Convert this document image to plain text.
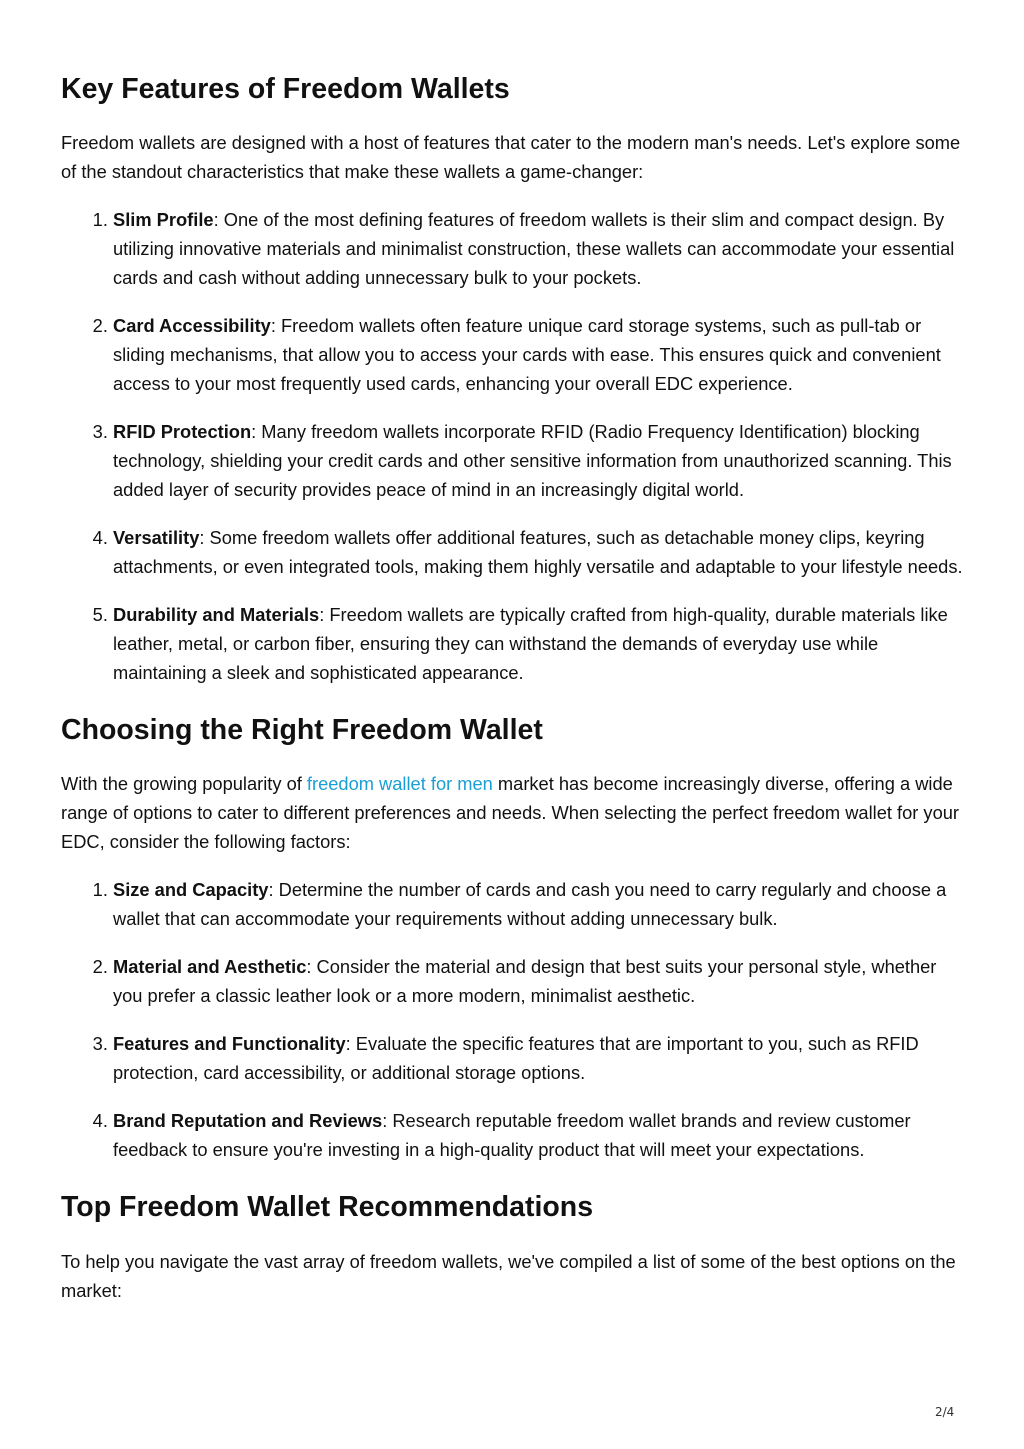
Key Features of Freedom Wallets

Freedom wallets are designed with a host of features that cater to the modern man's needs. Let's explore some of the standout characteristics that make these wallets a game-changer:

1. Slim Profile: One of the most defining features of freedom wallets is their slim and compact design. By utilizing innovative materials and minimalist construction, these wallets can accommodate your essential cards and cash without adding unnecessary bulk to your pockets.
2. Card Accessibility: Freedom wallets often feature unique card storage systems, such as pull-tab or sliding mechanisms, that allow you to access your cards with ease. This ensures quick and convenient access to your most frequently used cards, enhancing your overall EDC experience.
3. RFID Protection: Many freedom wallets incorporate RFID (Radio Frequency Identification) blocking technology, shielding your credit cards and other sensitive information from unauthorized scanning. This added layer of security provides peace of mind in an increasingly digital world.
4. Versatility: Some freedom wallets offer additional features, such as detachable money clips, keyring attachments, or even integrated tools, making them highly versatile and adaptable to your lifestyle needs.
5. Durability and Materials: Freedom wallets are typically crafted from high-quality, durable materials like leather, metal, or carbon fiber, ensuring they can withstand the demands of everyday use while maintaining a sleek and sophisticated appearance.
Choosing the Right Freedom Wallet

With the growing popularity of freedom wallet for men market has become increasingly diverse, offering a wide range of options to cater to different preferences and needs. When selecting the perfect freedom wallet for your EDC, consider the following factors:

1. Size and Capacity: Determine the number of cards and cash you need to carry regularly and choose a wallet that can accommodate your requirements without adding unnecessary bulk.
2. Material and Aesthetic: Consider the material and design that best suits your personal style, whether you prefer a classic leather look or a more modern, minimalist aesthetic.
3. Features and Functionality: Evaluate the specific features that are important to you, such as RFID protection, card accessibility, or additional storage options.
4. Brand Reputation and Reviews: Research reputable freedom wallet brands and review customer feedback to ensure you're investing in a high-quality product that will meet your expectations.
Top Freedom Wallet Recommendations

To help you navigate the vast array of freedom wallets, we've compiled a list of some of the best options on the market:

2/4
